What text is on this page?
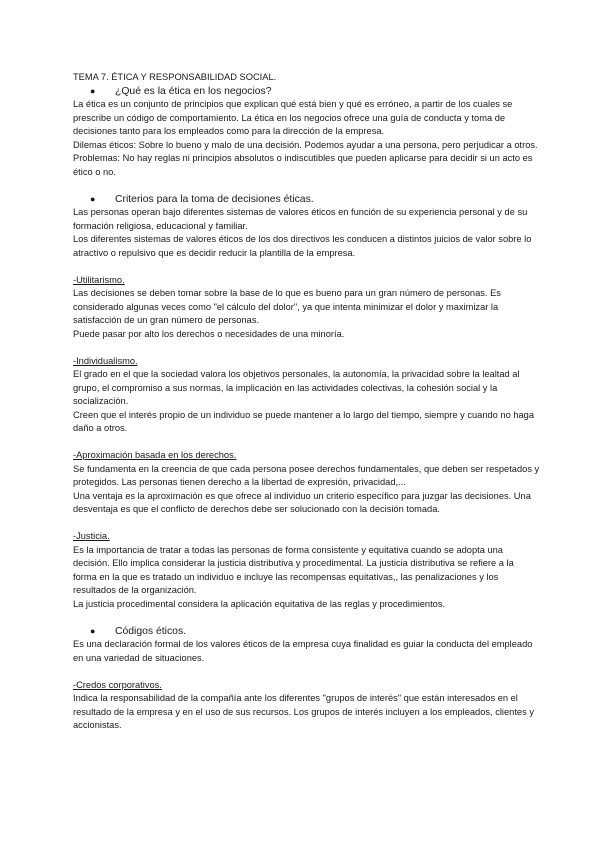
TEMA 7. ÉTICA Y RESPONSABILIDAD SOCIAL.
● ¿Qué es la ética en los negocios?

La ética es un conjunto de principios que explican qué está bien y qué es erróneo, a partir de los cuales se prescribe un código de comportamiento. La ética en los negocios ofrece una guía de conducta y toma de decisiones tanto para los empleados como para la dirección de la empresa.

Dilemas éticos: Sobre lo bueno y malo de una decisión. Podemos ayudar a una persona, pero perjudicar a otros.

Problemas: No hay reglas ni principios absolutos o indiscutibles que pueden aplicarse para decidir si un acto es ético o no.

● Criterios para la toma de decisiones éticas.

Las personas operan bajo diferentes sistemas de valores éticos en función de su experiencia personal y de su formación religiosa, educacional y familiar.

Los diferentes sistemas de valores éticos de los dos directivos les conducen a distintos juicios de valor sobre lo atractivo o repulsivo que es decidir reducir la plantilla de la empresa.

-Utilitarismo.

Las decisiones se deben tomar sobre la base de lo que es bueno para un gran número de personas. Es considerado algunas veces como "el cálculo del dolor", ya que intenta minimizar el dolor y maximizar la satisfacción de un gran número de personas.

Puede pasar por alto los derechos o necesidades de una minoría.

-Individualismo.

El grado en el que la sociedad valora los objetivos personales, la autonomía, la privacidad sobre la lealtad al grupo, el compromiso a sus normas, la implicación en las actividades colectivas, la cohesión social y la socialización.

Creen que el interés propio de un individuo se puede mantener a lo largo del tiempo, siempre y cuando no haga daño a otros.

-Aproximación basada en los derechos.

Se fundamenta en la creencia de que cada persona posee derechos fundamentales, que deben ser respetados y protegidos. Las personas tienen derecho a la libertad de expresión, privacidad,...

Una ventaja es la aproximación es que ofrece al individuo un criterio específico para juzgar las decisiones. Una desventaja es que el conflicto de derechos debe ser solucionado con la decisión tomada.

-Justicia.

Es la importancia de tratar a todas las personas de forma consistente y equitativa cuando se adopta una decisión. Ello implica considerar la justicia distributiva y procedimental. La justicia distributiva se refiere a la forma en la que es tratado un individuo e incluye las recompensas equitativas,, las penalizaciones y los resultados de la organización.

La justicia procedimental considera la aplicación equitativa de las reglas y procedimientos.

● Códigos éticos.

Es una declaración formal de los valores éticos de la empresa cuya finalidad es guiar la conducta del empleado en una variedad de situaciones.

-Credos corporativos.

Indica la responsabilidad de la compañía ante los diferentes "grupos de interés" que están interesados en el resultado de la empresa y en el uso de sus recursos. Los grupos de interés incluyen a los empleados, clientes y accionistas.
